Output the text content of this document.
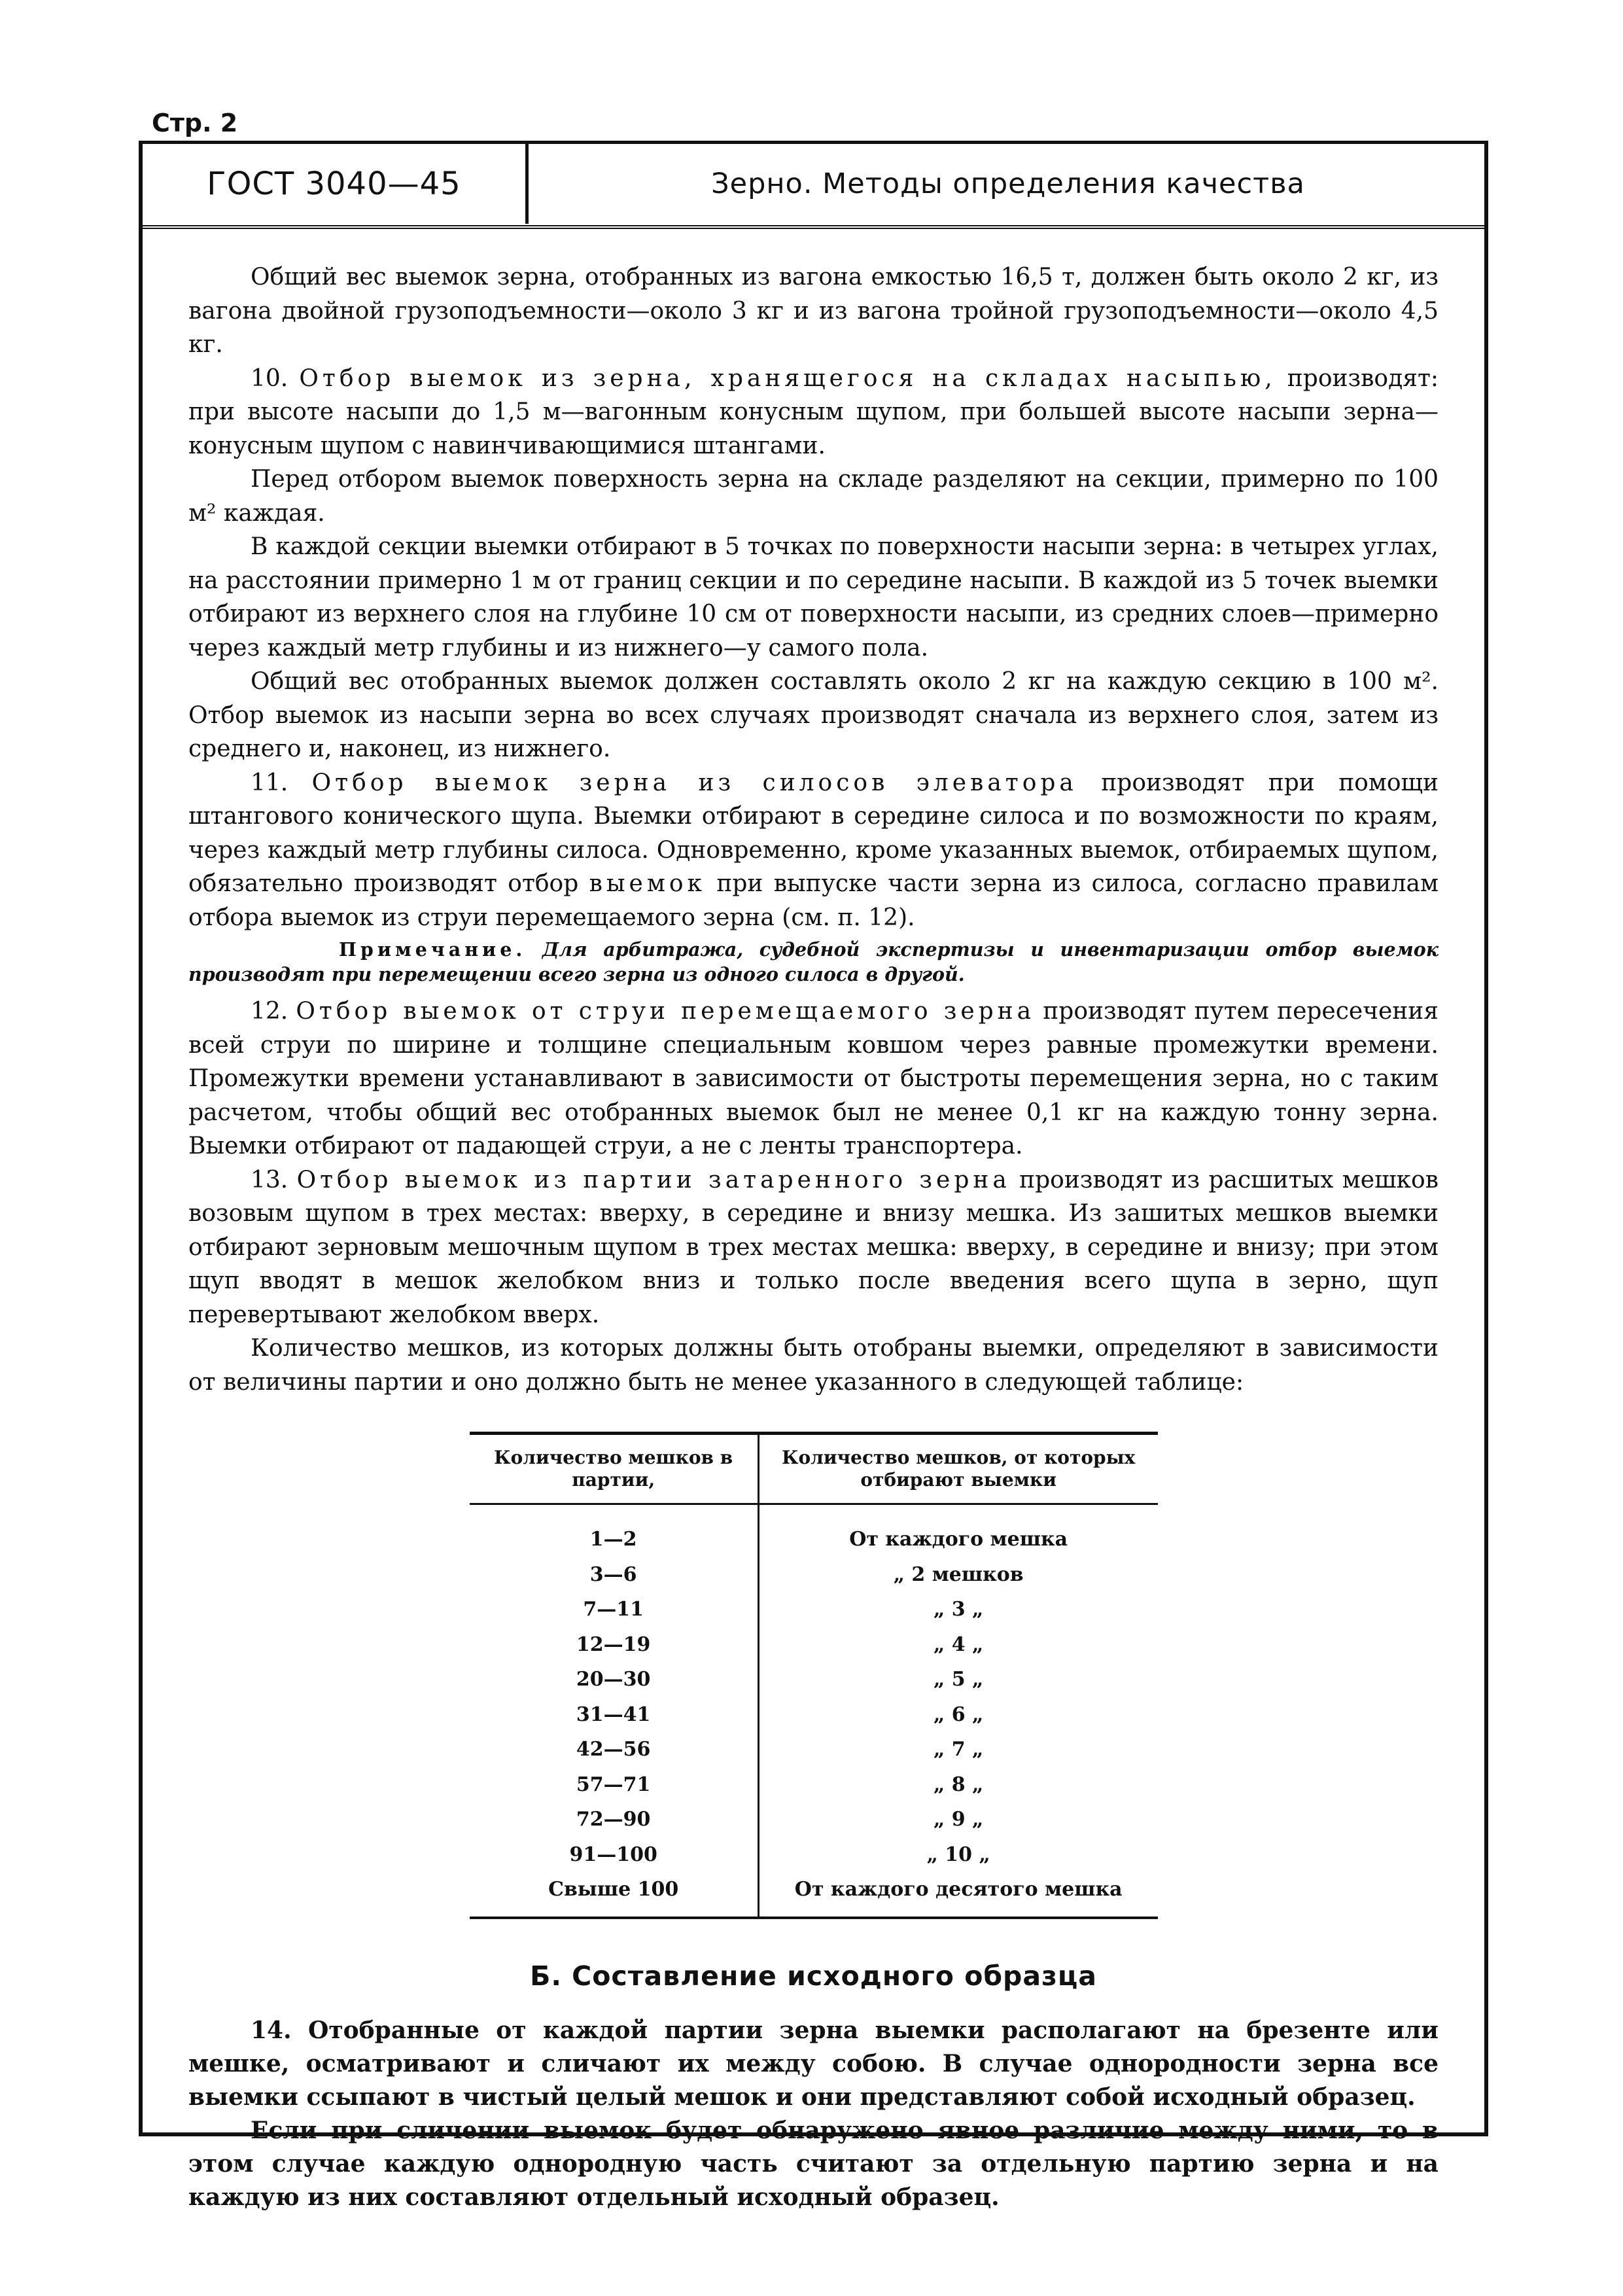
Стр. 2
ГОСТ 3040—45	Зерно. Методы определения качества

Общий вес выемок зерна, отобранных из вагона емкостью 16,5 т, должен быть около 2 кг, из вагона двойной грузоподъемности—около 3 кг и из вагона тройной грузоподъемности—около 4,5 кг.

10. Отбор выемок из зерна, хранящегося на складах насыпью, производят: при высоте насыпи до 1,5 м—вагонным конусным щупом, при большей высоте насыпи зерна—конусным щупом с навинчивающимися штангами.

Перед отбором выемок поверхность зерна на складе разделяют на секции, примерно по 100 м² каждая.

В каждой секции выемки отбирают в 5 точках по поверхности насыпи зерна: в четырех углах, на расстоянии примерно 1 м от границ секции и по середине насыпи. В каждой из 5 точек выемки отбирают из верхнего слоя на глубине 10 см от поверхности насыпи, из средних слоев—примерно через каждый метр глубины и из нижнего—у самого пола.

Общий вес отобранных выемок должен составлять около 2 кг на каждую секцию в 100 м². Отбор выемок из насыпи зерна во всех случаях производят сначала из верхнего слоя, затем из среднего и, наконец, из нижнего.

11. Отбор выемок зерна из силосов элеватора производят при помощи штангового конического щупа. Выемки отбирают в середине силоса и по возможности по краям, через каждый метр глубины силоса. Одновременно, кроме указанных выемок, отбираемых щупом, обязательно производят отбор выемок при выпуске части зерна из силоса, согласно правилам отбора выемок из струи перемещаемого зерна (см. п. 12).

Примечание. Для арбитража, судебной экспертизы и инвентаризации отбор выемок производят при перемещении всего зерна из одного силоса в другой.

12. Отбор выемок от струи перемещаемого зерна производят путем пересечения всей струи по ширине и толщине специальным ковшом через равные промежутки времени. Промежутки времени устанавливают в зависимости от быстроты перемещения зерна, но с таким расчетом, чтобы общий вес отобранных выемок был не менее 0,1 кг на каждую тонну зерна. Выемки отбирают от падающей струи, а не с ленты транспортера.

13. Отбор выемок из партии затаренного зерна производят из расшитых мешков возовым щупом в трех местах: вверху, в середине и внизу мешка. Из зашитых мешков выемки отбирают зерновым мешочным щупом в трех местах мешка: вверху, в середине и внизу; при этом щуп вводят в мешок желобком вниз и только после введения всего щупа в зерно, щуп перевертывают желобком вверх.

Количество мешков, из которых должны быть отобраны выемки, определяют в зависимости от величины партии и оно должно быть не менее указанного в следующей таблице:

Количество мешков в партии,	Количество мешков, от которых отбирают выемки
1—2	От каждого мешка
3—6	„ 2 мешков
7—11	„ 3 „
12—19	„ 4 „
20—30	„ 5 „
31—41	„ 6 „
42—56	„ 7 „
57—71	„ 8 „
72—90	„ 9 „
91—100	„ 10 „
Свыше 100	От каждого десятого мешка
Б. Составление исходного образца

14. Отобранные от каждой партии зерна выемки располагают на брезенте или мешке, осматривают и сличают их между собою. В случае однородности зерна все выемки ссыпают в чистый целый мешок и они представляют собой исходный образец.

Если при сличении выемок будет обнаружено явное различие между ними, то в этом случае каждую однородную часть считают за отдельную партию зерна и на каждую из них составляют отдельный исходный образец.
